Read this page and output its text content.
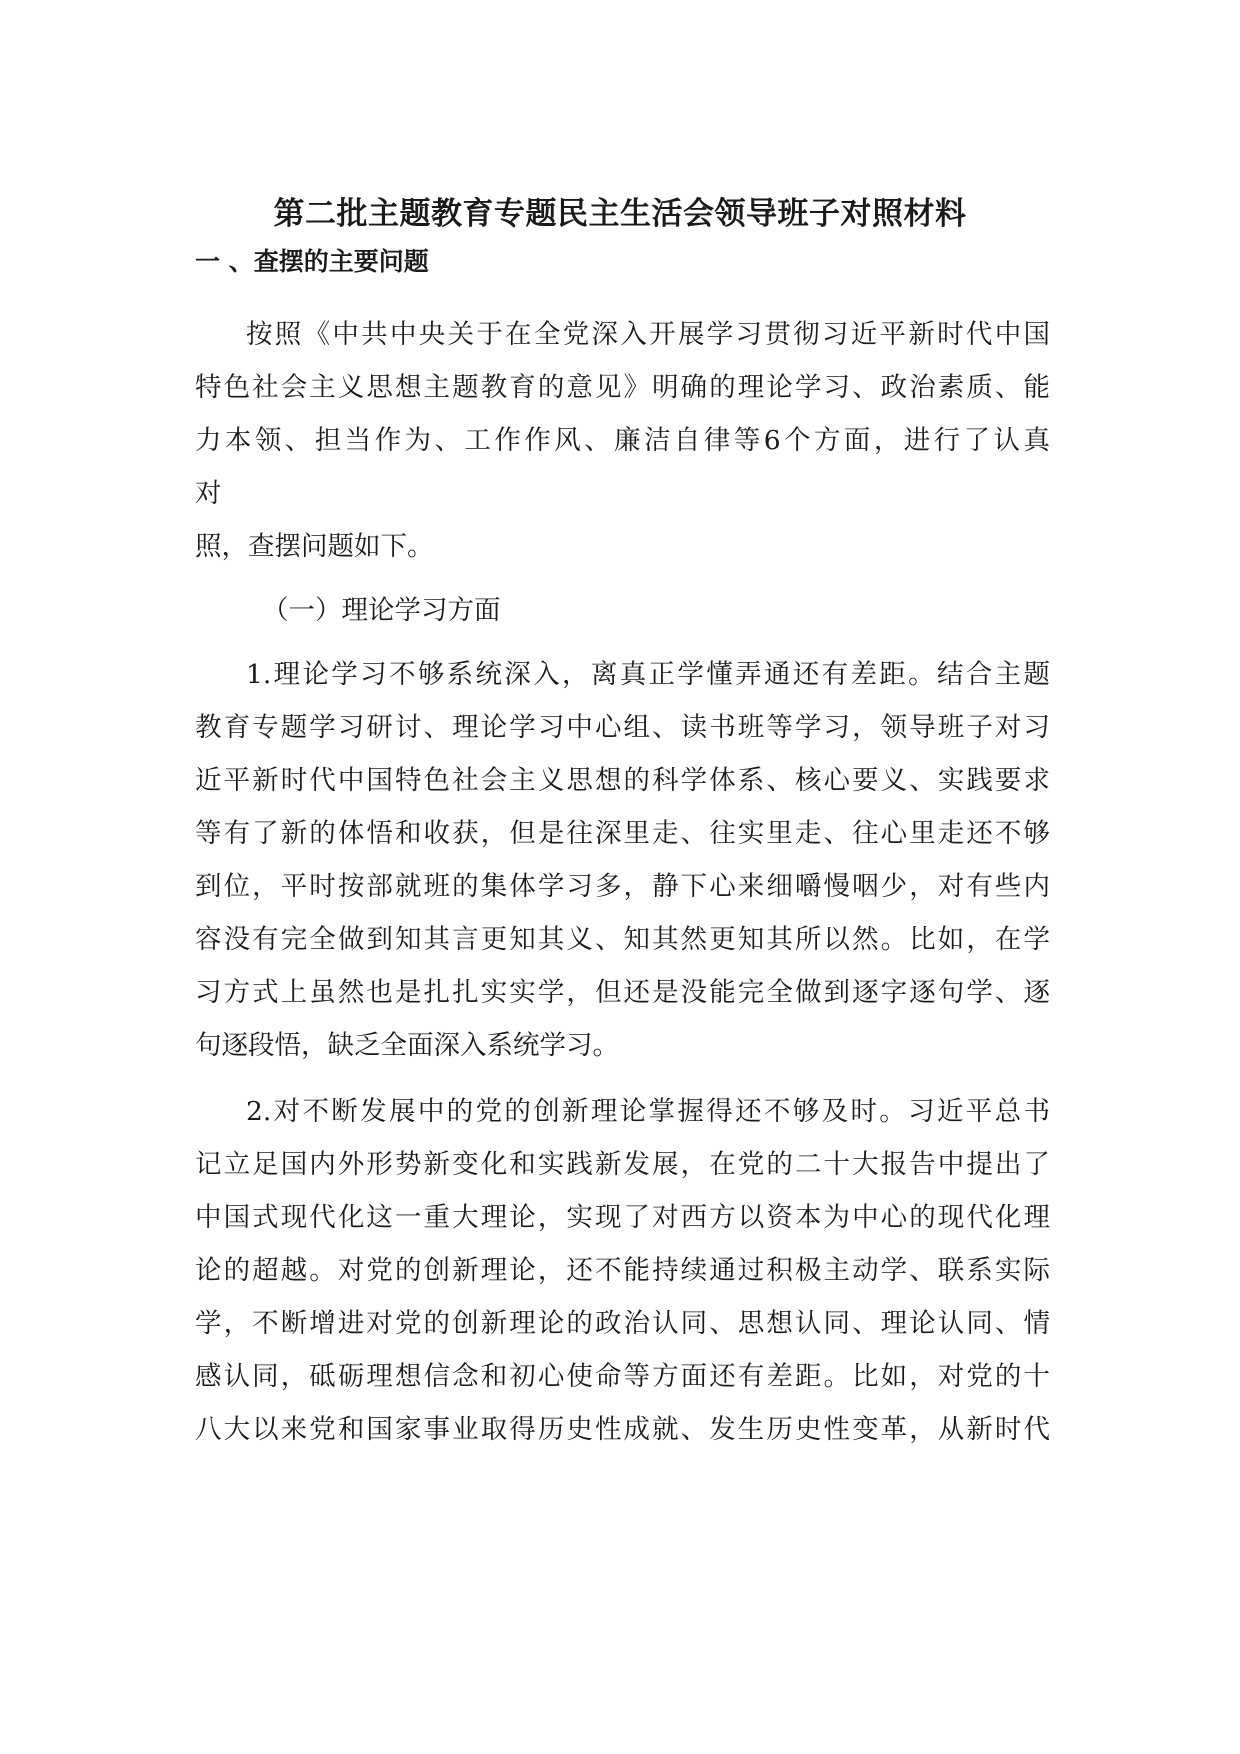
第二批主题教育专题民主生活会领导班子对照材料
一 、查摆的主要问题
按照《中共中央关于在全党深入开展学习贯彻习近平新时代中国
特色社会主义思想主题教育的意见》明确的理论学习、政治素质、能
力本领、担当作为、工作作风、廉洁自律等6个方面，进行了认真
对
照，查摆问题如下。
（一）理论学习方面
1.理论学习不够系统深入，离真正学懂弄通还有差距。结合主题
教育专题学习研讨、理论学习中心组、读书班等学习，领导班子对习
近平新时代中国特色社会主义思想的科学体系、核心要义、实践要求
等有了新的体悟和收获，但是往深里走、往实里走、往心里走还不够
到位，平时按部就班的集体学习多，静下心来细嚼慢咽少，对有些内
容没有完全做到知其言更知其义、知其然更知其所以然。比如，在学
习方式上虽然也是扎扎实实学，但还是没能完全做到逐字逐句学、逐
句逐段悟，缺乏全面深入系统学习。
2.对不断发展中的党的创新理论掌握得还不够及时。习近平总书
记立足国内外形势新变化和实践新发展，在党的二十大报告中提出了
中国式现代化这一重大理论，实现了对西方以资本为中心的现代化理
论的超越。对党的创新理论，还不能持续通过积极主动学、联系实际
学，不断增进对党的创新理论的政治认同、思想认同、理论认同、情
感认同，砥砺理想信念和初心使命等方面还有差距。比如，对党的十
八大以来党和国家事业取得历史性成就、发生历史性变革，从新时代
